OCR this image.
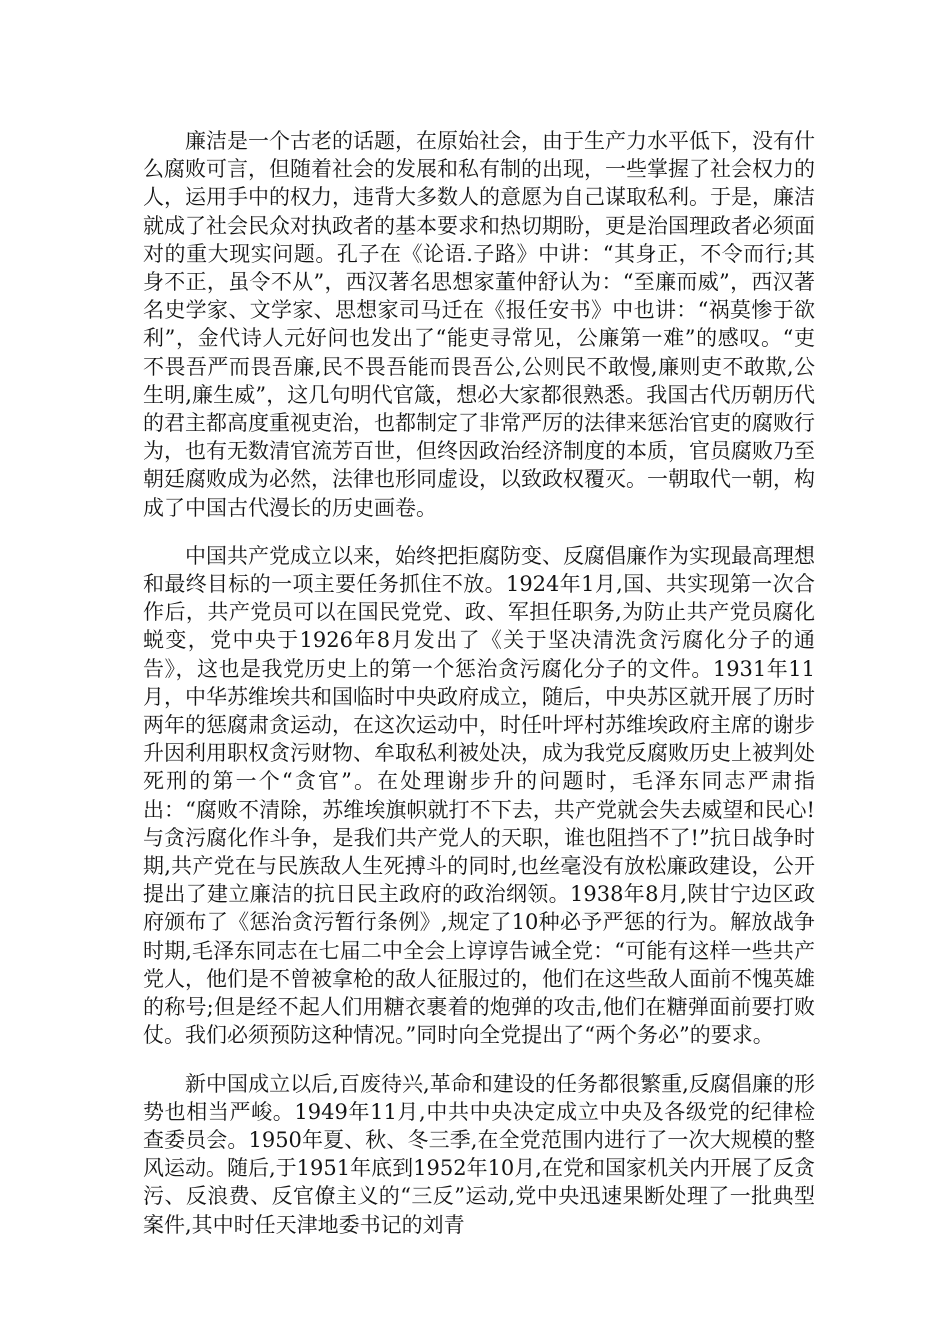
廉洁是一个古老的话题，在原始社会，由于生产力水平低下，没有什么腐败可言，但随着社会的发展和私有制的出现，一些掌握了社会权力的人，运用手中的权力，违背大多数人的意愿为自己谋取私利。于是，廉洁就成了社会民众对执政者的基本要求和热切期盼，更是治国理政者必须面对的重大现实问题。孔子在《论语.子路》中讲：“其身正，不令而行;其身不正，虽令不从”，西汉著名思想家董仲舒认为：“至廉而威”，西汉著名史学家、文学家、思想家司马迁在《报任安书》中也讲：“祸莫惨于欲利”，金代诗人元好问也发出了“能吏寻常见，公廉第一难”的感叹。“吏不畏吾严而畏吾廉,民不畏吾能而畏吾公,公则民不敢慢,廉则吏不敢欺,公生明,廉生威”，这几句明代官箴，想必大家都很熟悉。我国古代历朝历代的君主都高度重视吏治，也都制定了非常严厉的法律来惩治官吏的腐败行为，也有无数清官流芳百世，但终因政治经济制度的本质，官员腐败乃至朝廷腐败成为必然，法律也形同虚设，以致政权覆灭。一朝取代一朝，构成了中国古代漫长的历史画卷。

中国共产党成立以来，始终把拒腐防变、反腐倡廉作为实现最高理想和最终目标的一项主要任务抓住不放。1924年1月,国、共实现第一次合作后，共产党员可以在国民党党、政、军担任职务,为防止共产党员腐化蜕变，党中央于1926年8月发出了《关于坚决清洗贪污腐化分子的通告》，这也是我党历史上的第一个惩治贪污腐化分子的文件。1931年11月，中华苏维埃共和国临时中央政府成立，随后，中央苏区就开展了历时两年的惩腐肃贪运动，在这次运动中，时任叶坪村苏维埃政府主席的谢步升因利用职权贪污财物、牟取私利被处决，成为我党反腐败历史上被判处死刑的第一个“贪官”。在处理谢步升的问题时，毛泽东同志严肃指出：“腐败不清除，苏维埃旗帜就打不下去，共产党就会失去威望和民心!与贪污腐化作斗争，是我们共产党人的天职，谁也阻挡不了!”抗日战争时期,共产党在与民族敌人生死搏斗的同时,也丝毫没有放松廉政建设，公开提出了建立廉洁的抗日民主政府的政治纲领。1938年8月,陕甘宁边区政府颁布了《惩治贪污暂行条例》,规定了10种必予严惩的行为。解放战争时期,毛泽东同志在七届二中全会上谆谆告诫全党：“可能有这样一些共产党人，他们是不曾被拿枪的敌人征服过的，他们在这些敌人面前不愧英雄的称号;但是经不起人们用糖衣裹着的炮弹的攻击,他们在糖弹面前要打败仗。我们必须预防这种情况。”同时向全党提出了“两个务必”的要求。

新中国成立以后,百废待兴,革命和建设的任务都很繁重,反腐倡廉的形势也相当严峻。1949年11月,中共中央决定成立中央及各级党的纪律检查委员会。1950年夏、秋、冬三季,在全党范围内进行了一次大规模的整风运动。随后,于1951年底到1952年10月,在党和国家机关内开展了反贪污、反浪费、反官僚主义的“三反”运动,党中央迅速果断处理了一批典型案件,其中时任天津地委书记的刘青
